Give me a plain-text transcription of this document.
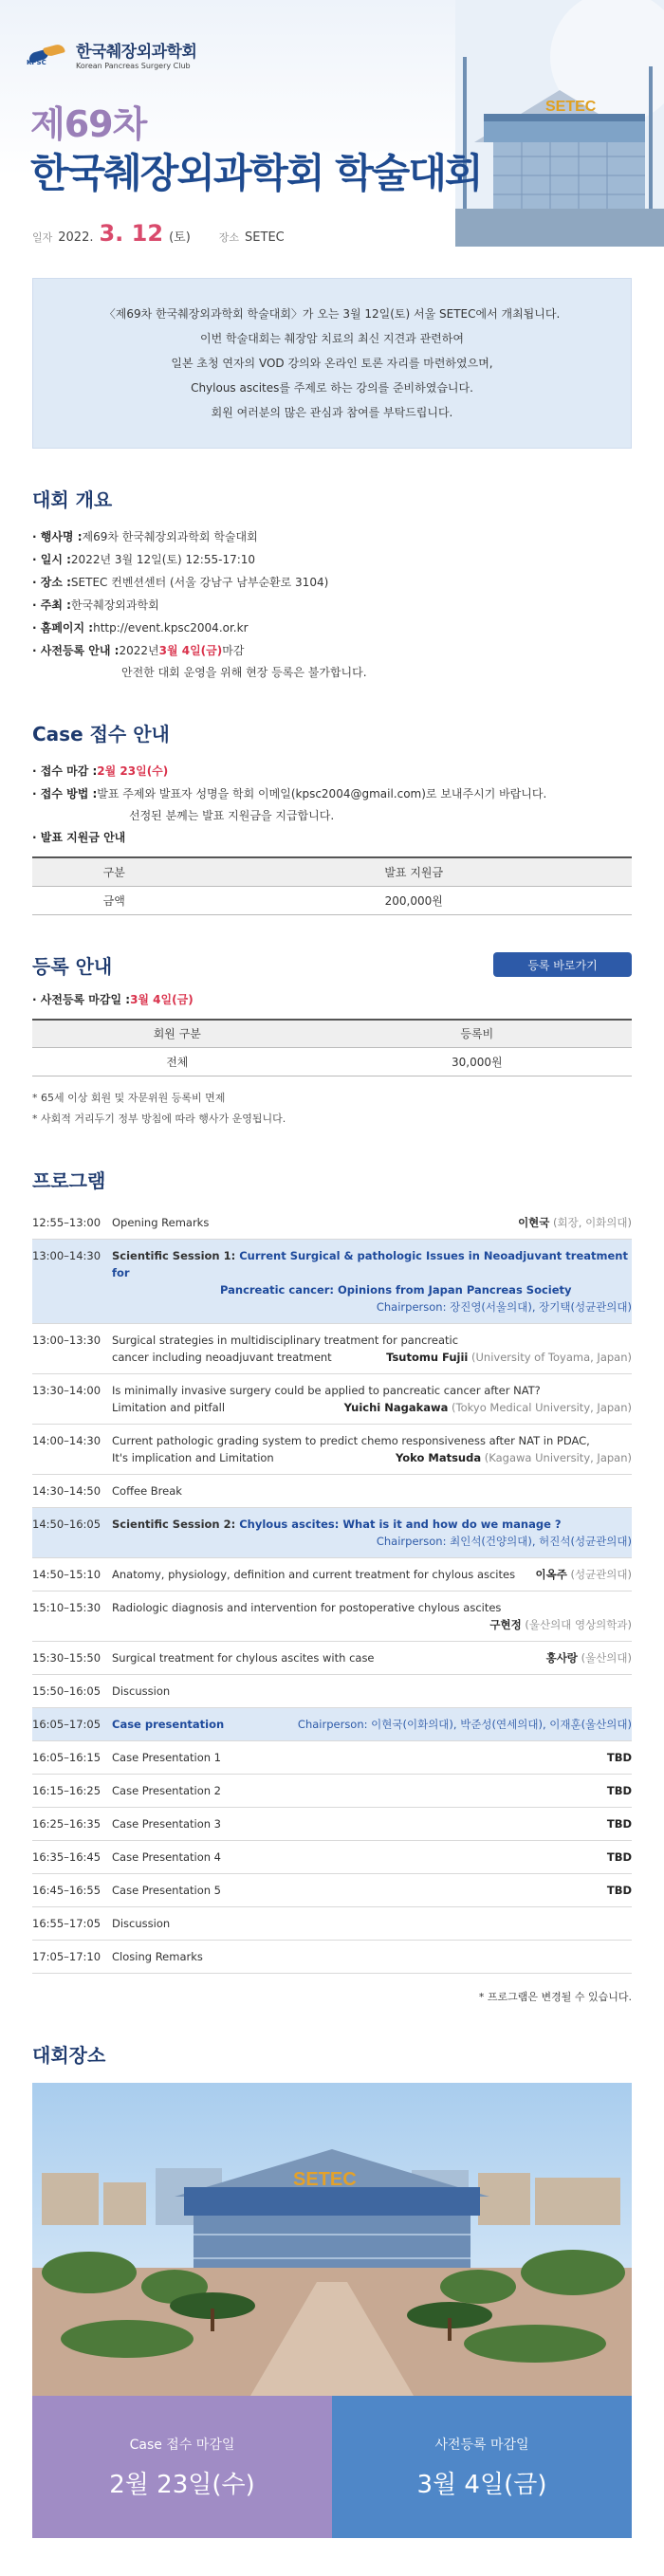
KPSC
한국췌장외과학회
Korean Pancreas Surgery Club
SETEC
제69차
한국췌장외과학회 학술대회
일자 2022. 3. 12 (토)	장소 SETEC

〈제69차 한국췌장외과학회 학술대회〉가 오는 3월 12일(토) 서울 SETEC에서 개최됩니다.

이번 학술대회는 췌장암 치료의 최신 지견과 관련하여

일본 초청 연자의 VOD 강의와 온라인 토론 자리를 마련하였으며,

Chylous ascites를 주제로 하는 강의를 준비하였습니다.

회원 여러분의 많은 관심과 참여를 부탁드립니다.

대회 개요
· 행사명 : 제69차 한국췌장외과학회 학술대회
· 일시 : 2022년 3월 12일(토) 12:55-17:10
· 장소 : SETEC 컨벤션센터 (서울 강남구 남부순환로 3104)
· 주최 : 한국췌장외과학회
· 홈페이지 : http://event.kpsc2004.or.kr
· 사전등록 안내 : 2022년 3월 4일(금) 마감
안전한 대회 운영을 위해 현장 등록은 불가합니다.
Case 접수 안내
· 접수 마감 : 2월 23일(수)
· 접수 방법 : 발표 주제와 발표자 성명을 학회 이메일(kpsc2004@gmail.com)로 보내주시기 바랍니다.
선정된 분께는 발표 지원금을 지급합니다.
· 발표 지원금 안내
구분	발표 지원금
금액	200,000원
등록 안내	등록 바로가기
· 사전등록 마감일 : 3월 4일(금)
회원 구분	등록비
전체	30,000원
* 65세 이상 회원 및 자문위원 등록비 면제
* 사회적 거리두기 정부 방침에 따라 행사가 운영됩니다.
프로그램
12:55–13:00	Opening Remarks	이현국 (회장, 이화의대)
13:00–14:30	Scientific Session 1: Current Surgical & pathologic Issues in Neoadjuvant treatment for
Pancreatic cancer: Opinions from Japan Pancreas Society
Chairperson: 장진영(서울의대), 장기택(성균관의대)
13:00–13:30	Surgical strategies in multidisciplinary treatment for pancreatic
cancer including neoadjuvant treatment	Tsutomu Fujii (University of Toyama, Japan)
13:30–14:00	Is minimally invasive surgery could be applied to pancreatic cancer after NAT?
Limitation and pitfall	Yuichi Nagakawa (Tokyo Medical University, Japan)
14:00–14:30	Current pathologic grading system to predict chemo responsiveness after NAT in PDAC,
It's implication and Limitation	Yoko Matsuda (Kagawa University, Japan)
14:30–14:50	Coffee Break
14:50–16:05	Scientific Session 2: Chylous ascites: What is it and how do we manage ?
Chairperson: 최인석(건양의대), 허진석(성균관의대)
14:50–15:10	Anatomy, physiology, definition and current treatment for chylous ascites 이옥주 (성균관의대)
15:10–15:30	Radiologic diagnosis and intervention for postoperative chylous ascites
구현정 (울산의대 영상의학과)
15:30–15:50	Surgical treatment for chylous ascites with case	홍사랑 (울산의대)
15:50–16:05	Discussion
16:05–17:05	Case presentation	Chairperson: 이현국(이화의대), 박준성(연세의대), 이재훈(울산의대)
16:05–16:15	Case Presentation 1	TBD
16:15–16:25	Case Presentation 2	TBD
16:25–16:35	Case Presentation 3	TBD
16:35–16:45	Case Presentation 4	TBD
16:45–16:55	Case Presentation 5	TBD
16:55–17:05	Discussion
17:05–17:10	Closing Remarks
* 프로그램은 변경될 수 있습니다.
대회장소
SETEC
Case 접수 마감일
2월 23일(수)
사전등록 마감일
3월 4일(금)
